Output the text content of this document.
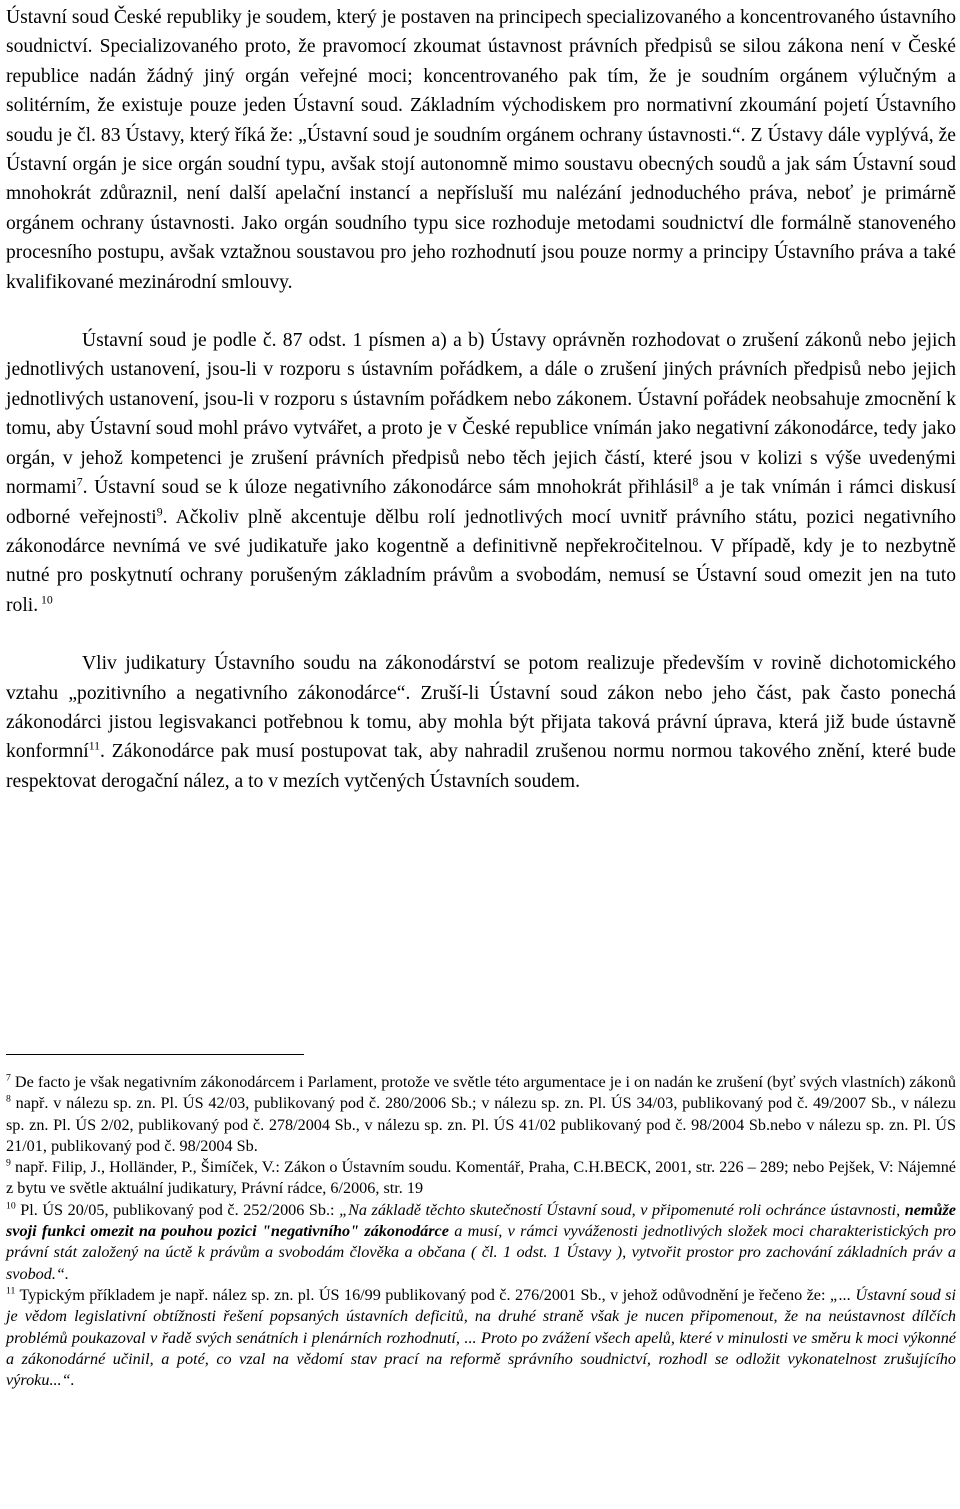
Ústavní soud České republiky je soudem, který je postaven na principech specializovaného a koncentrovaného ústavního soudnictví. Specializovaného proto, že pravomocí zkoumat ústavnost právních předpisů se silou zákona není v České republice nadán žádný jiný orgán veřejné moci; koncentrovaného pak tím, že je soudním orgánem výlučným a solitérním, že existuje pouze jeden Ústavní soud. Základním východiskem pro normativní zkoumání pojetí Ústavního soudu je čl. 83 Ústavy, který říká že: „Ústavní soud je soudním orgánem ochrany ústavnosti.“. Z Ústavy dále vyplývá, že Ústavní orgán je sice orgán soudní typu, avšak stojí autonomně mimo soustavu obecných soudů a jak sám Ústavní soud mnohokrát zdůraznil, není další apelační instancí a nepřísluší mu nalézání jednoduchého práva, neboť je primárně orgánem ochrany ústavnosti. Jako orgán soudního typu sice rozhoduje metodami soudnictví dle formálně stanoveného procesního postupu, avšak vztažnou soustavou pro jeho rozhodnutí jsou pouze normy a principy Ústavního práva a také kvalifikované mezinárodní smlouvy.

Ústavní soud je podle č. 87 odst. 1 písmen a) a b) Ústavy oprávněn rozhodovat o zrušení zákonů nebo jejich jednotlivých ustanovení, jsou-li v rozporu s ústavním pořádkem, a dále o zrušení jiných právních předpisů nebo jejich jednotlivých ustanovení, jsou-li v rozporu s ústavním pořádkem nebo zákonem. Ústavní pořádek neobsahuje zmocnění k tomu, aby Ústavní soud mohl právo vytvářet, a proto je v České republice vnímán jako negativní zákonodárce, tedy jako orgán, v jehož kompetenci je zrušení právních předpisů nebo těch jejich částí, které jsou v kolizi s výše uvedenými normami$^7$. Ústavní soud se k úloze negativního zákonodárce sám mnohokrát přihlásil$^8$ a je tak vnímán i rámci diskusí odborné veřejnosti$^9$. Ačkoliv plně akcentuje dělbu rolí jednotlivých mocí uvnitř právního státu, pozici negativního zákonodárce nevnímá ve své judikatuře jako kogentně a definitivně nepřekročitelnou. V případě, kdy je to nezbytně nutné pro poskytnutí ochrany porušeným základním právům a svobodám, nemusí se Ústavní soud omezit jen na tuto roli. $^{10}$

Vliv judikatury Ústavního soudu na zákonodárství se potom realizuje především v rovině dichotomického vztahu „pozitivního a negativního zákonodárce“. Zruší-li Ústavní soud zákon nebo jeho část, pak často ponechá zákonodárci jistou legisvakanci potřebnou k tomu, aby mohla být přijata taková právní úprava, která již bude ústavně konformní$^{11}$. Zákonodárce pak musí postupovat tak, aby nahradil zrušenou normu normou takového znění, které bude respektovat derogační nález, a to v mezích vytčených Ústavních soudem.

$^7$ De facto je však negativním zákonodárcem i Parlament, protože ve světle této argumentace je i on nadán ke zrušení (byť svých vlastních) zákonů

$^8$ např. v nálezu sp. zn. Pl. ÚS 42/03, publikovaný pod č. 280/2006 Sb.; v nálezu sp. zn. Pl. ÚS 34/03, publikovaný pod č. 49/2007 Sb., v nálezu sp. zn. Pl. ÚS 2/02, publikovaný pod č. 278/2004 Sb., v nálezu sp. zn. Pl. ÚS 41/02 publikovaný pod č. 98/2004 Sb.nebo v nálezu sp. zn. Pl. ÚS 21/01, publikovaný pod č. 98/2004 Sb.

$^9$ např. Filip, J., Holländer, P., Šimíček, V.: Zákon o Ústavním soudu. Komentář, Praha, C.H.BECK, 2001, str. 226 – 289; nebo Pejšek, V: Nájemné z bytu ve světle aktuální judikatury, Právní rádce, 6/2006, str. 19

$^{10}$ Pl. ÚS 20/05, publikovaný pod č. 252/2006 Sb.: „Na základě těchto skutečností Ústavní soud, v připomenuté roli ochránce ústavnosti, nemůže svoji funkci omezit na pouhou pozici "negativního" zákonodárce a musí, v rámci vyváženosti jednotlivých složek moci charakteristických pro právní stát založený na úctě k právům a svobodám člověka a občana ( čl. 1 odst. 1 Ústavy ), vytvořit prostor pro zachování základních práv a svobod.“.

$^{11}$ Typickým příkladem je např. nález sp. zn. pl. ÚS 16/99 publikovaný pod č. 276/2001 Sb., v jehož odůvodnění je řečeno že: „... Ústavní soud si je vědom legislativní obtížnosti řešení popsaných ústavních deficitů, na druhé straně však je nucen připomenout, že na neústavnost dílčích problémů poukazoval v řadě svých senátních i plenárních rozhodnutí, ... Proto po zvážení všech apelů, které v minulosti ve směru k moci výkonné a zákonodárné učinil, a poté, co vzal na vědomí stav prací na reformě správního soudnictví, rozhodl se odložit vykonatelnost zrušujícího výroku...“.
